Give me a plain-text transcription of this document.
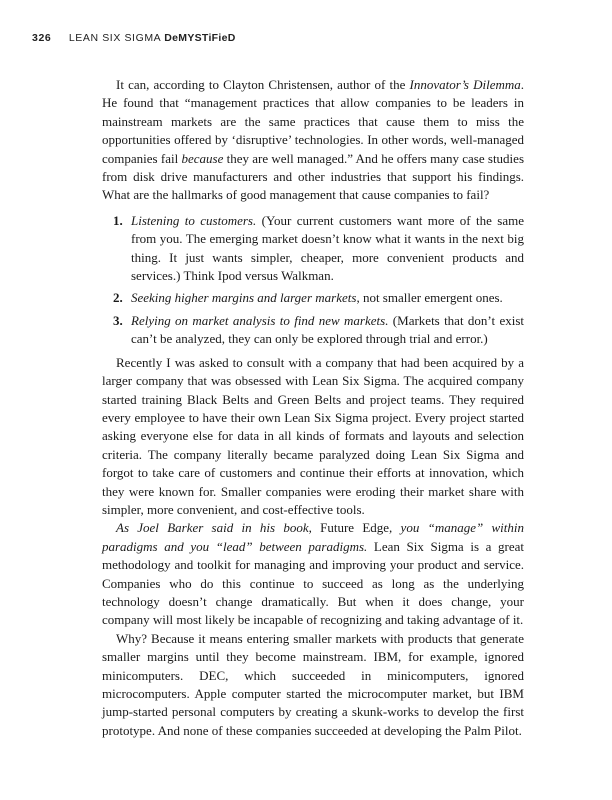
326 LEAN SIX SIGMA DeMYSTiFieD

It can, according to Clayton Christensen, author of the Innovator’s Dilemma. He found that “management practices that allow companies to be leaders in mainstream markets are the same practices that cause them to miss the opportunities offered by ‘disruptive’ technologies. In other words, well-managed companies fail because they are well managed.” And he offers many case studies from disk drive manufacturers and other industries that support his findings. What are the hallmarks of good management that cause companies to fail?

1. Listening to customers. (Your current customers want more of the same from you. The emerging market doesn’t know what it wants in the next big thing. It just wants simpler, cheaper, more convenient products and services.) Think Ipod versus Walkman.
2. Seeking higher margins and larger markets, not smaller emergent ones.
3. Relying on market analysis to find new markets. (Markets that don’t exist can’t be analyzed, they can only be explored through trial and error.)

Recently I was asked to consult with a company that had been acquired by a larger company that was obsessed with Lean Six Sigma. The acquired company started training Black Belts and Green Belts and project teams. They required every employee to have their own Lean Six Sigma project. Every project started asking everyone else for data in all kinds of formats and layouts and selection criteria. The company literally became paralyzed doing Lean Six Sigma and forgot to take care of customers and continue their efforts at innovation, which they were known for. Smaller companies were eroding their market share with simpler, more convenient, and cost-effective tools.

As Joel Barker said in his book, Future Edge, you “manage” within paradigms and you “lead” between paradigms. Lean Six Sigma is a great methodology and toolkit for managing and improving your product and service. Companies who do this continue to succeed as long as the underlying technology doesn’t change dramatically. But when it does change, your company will most likely be incapable of recognizing and taking advantage of it.

Why? Because it means entering smaller markets with products that generate smaller margins until they become mainstream. IBM, for example, ignored minicomputers. DEC, which succeeded in minicomputers, ignored microcomputers. Apple computer started the microcomputer market, but IBM jump-started personal computers by creating a skunk-works to develop the first prototype. And none of these companies succeeded at developing the Palm Pilot.
